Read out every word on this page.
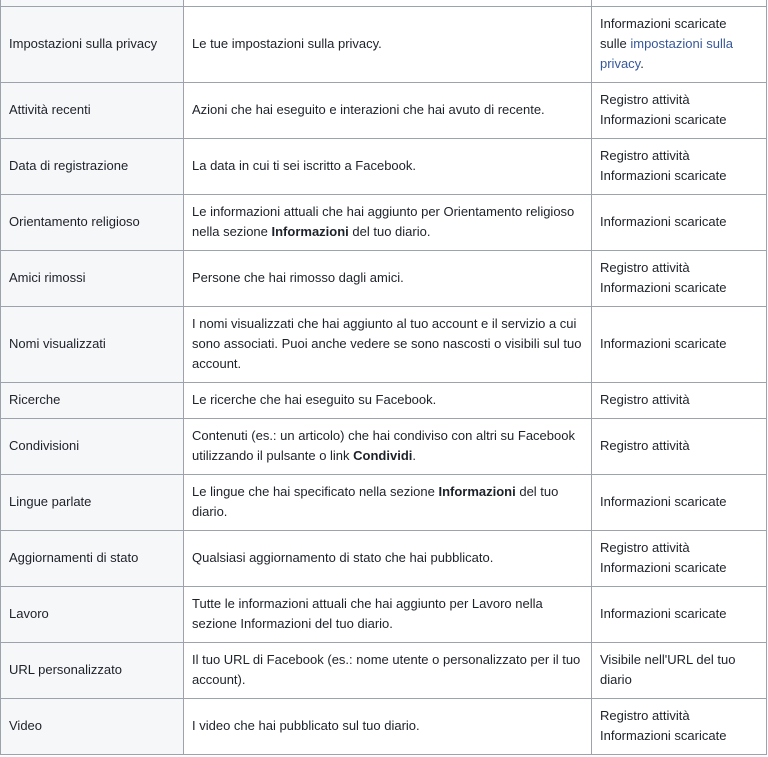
Impostazioni sulla privacy	Le tue impostazioni sulla privacy.	Informazioni scaricate
sulle impostazioni sulla privacy.
Attività recenti	Azioni che hai eseguito e interazioni che hai avuto di recente.	Registro attività
Informazioni scaricate

Data di registrazione	La data in cui ti sei iscritto a Facebook.	Registro attività
Informazioni scaricate

Orientamento religioso	Le informazioni attuali che hai aggiunto per Orientamento religioso nella sezione Informazioni del tuo diario.	Informazioni scaricate

Amici rimossi	Persone che hai rimosso dagli amici.	Registro attività
Informazioni scaricate

Nomi visualizzati	I nomi visualizzati che hai aggiunto al tuo account e il servizio a cui sono associati. Puoi anche vedere se sono nascosti o visibili sul tuo account.	Informazioni scaricate

Ricerche	Le ricerche che hai eseguito su Facebook.	Registro attività

Condivisioni	Contenuti (es.: un articolo) che hai condiviso con altri su Facebook utilizzando il pulsante o link Condividi.	Registro attività

Lingue parlate	Le lingue che hai specificato nella sezione Informazioni del tuo diario.	Informazioni scaricate

Aggiornamenti di stato	Qualsiasi aggiornamento di stato che hai pubblicato.	Registro attività
Informazioni scaricate

Lavoro	Tutte le informazioni attuali che hai aggiunto per Lavoro nella sezione Informazioni del tuo diario.	Informazioni scaricate

URL personalizzato	Il tuo URL di Facebook (es.: nome utente o personalizzato per il tuo account).	Visibile nell'URL del tuo diario

Video	I video che hai pubblicato sul tuo diario.	Registro attività
Informazioni scaricate
